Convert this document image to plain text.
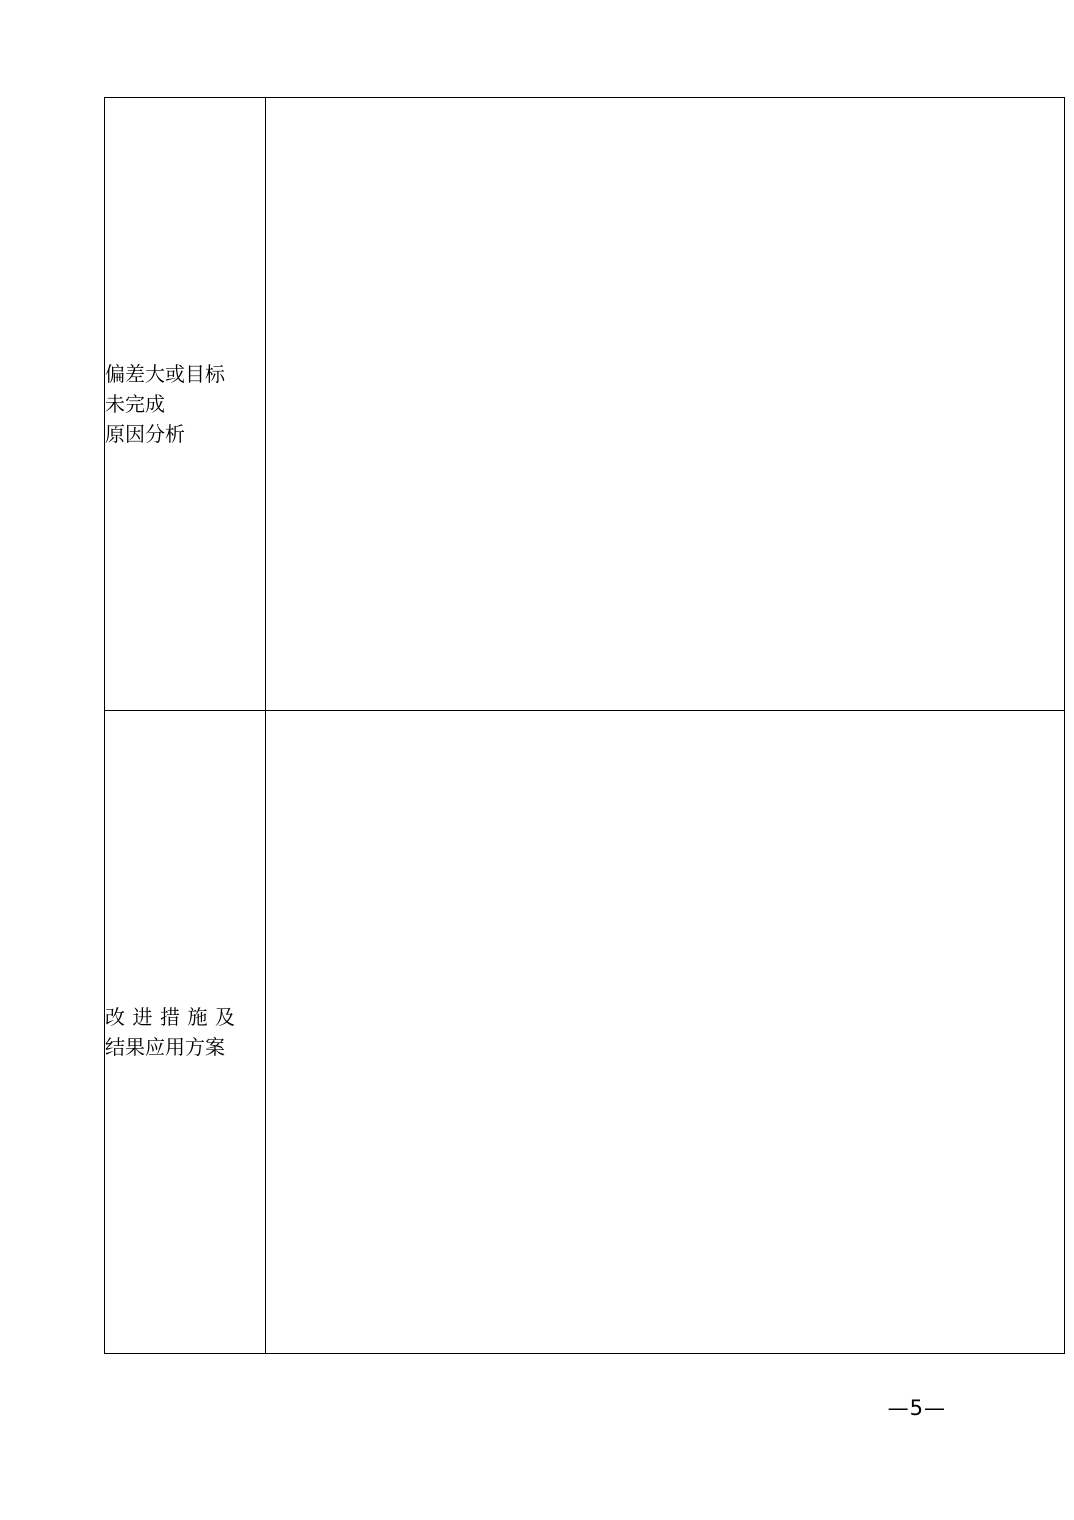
偏差大或目标
未完成
原因分析	

改进措施及
结果应用方案	

—5—
